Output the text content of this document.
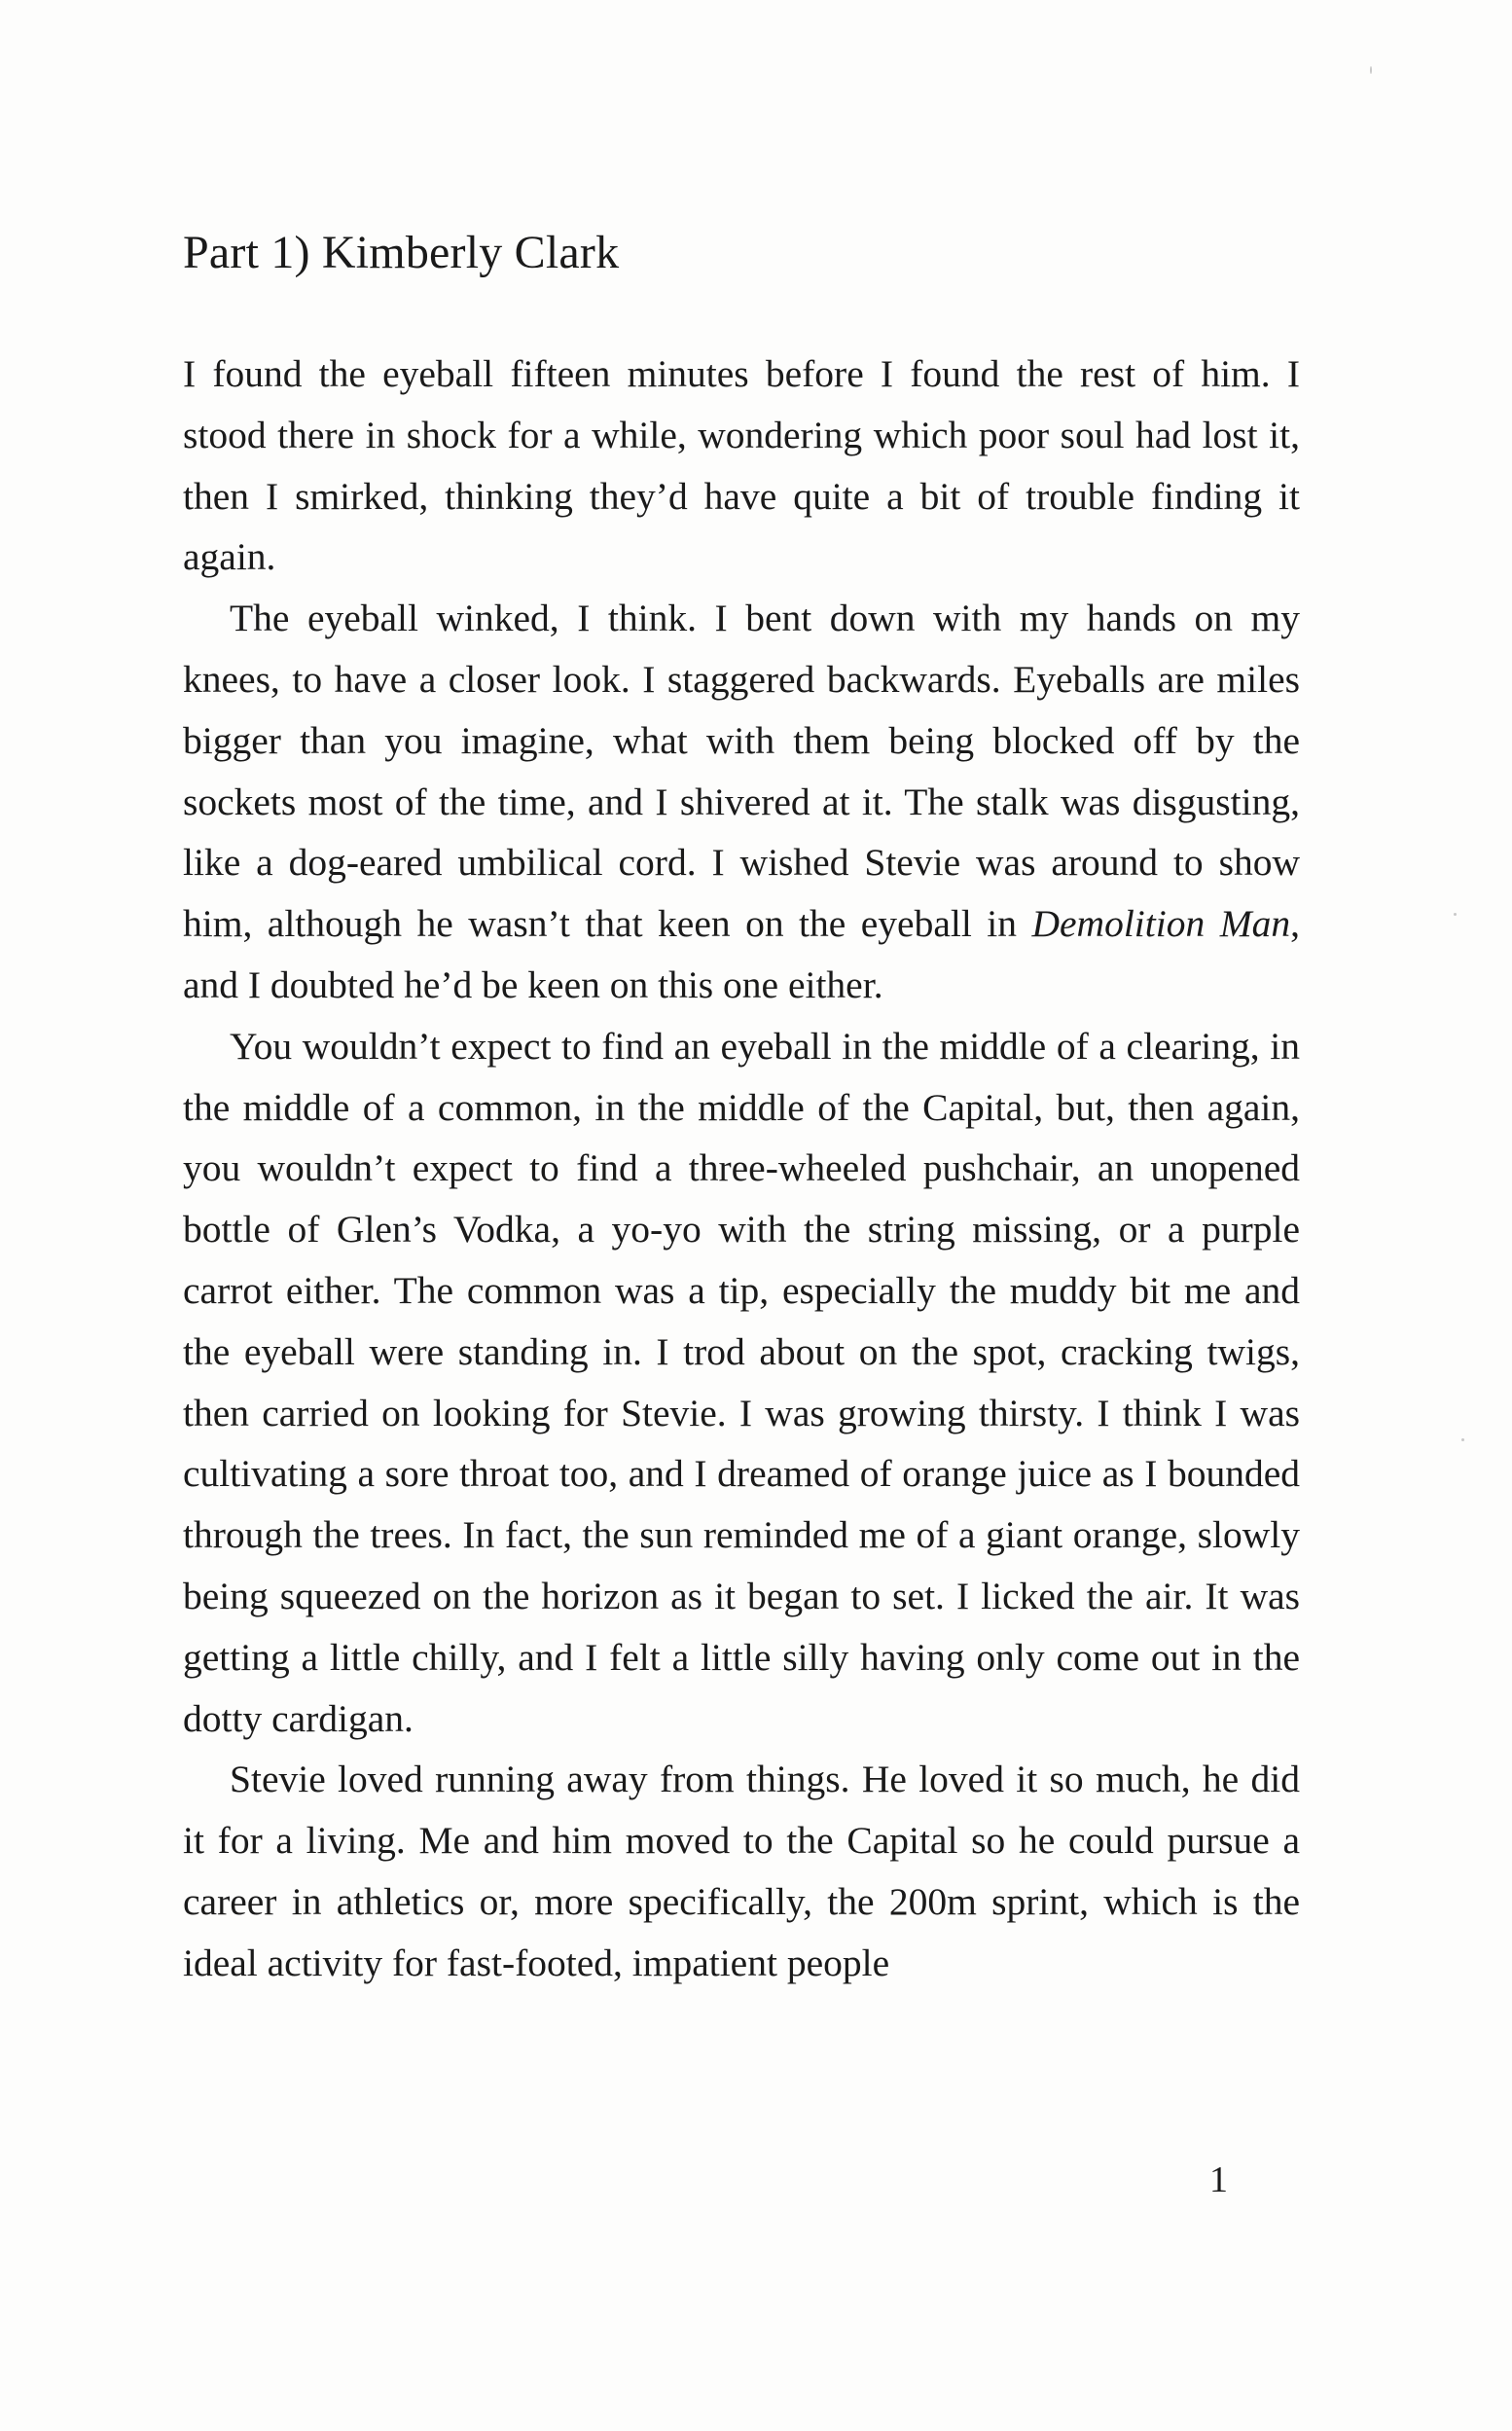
Part 1) Kimberly Clark

I found the eyeball fifteen minutes before I found the rest of him. I stood there in shock for a while, wondering which poor soul had lost it, then I smirked, thinking they’d have quite a bit of trouble finding it again.

The eyeball winked, I think. I bent down with my hands on my knees, to have a closer look. I staggered backwards. Eyeballs are miles bigger than you imagine, what with them being blocked off by the sockets most of the time, and I shivered at it. The stalk was disgusting, like a dog-eared umbilical cord. I wished Stevie was around to show him, although he wasn’t that keen on the eyeball in Demolition Man, and I doubted he’d be keen on this one either.

You wouldn’t expect to find an eyeball in the middle of a clearing, in the middle of a common, in the middle of the Capital, but, then again, you wouldn’t expect to find a three-wheeled pushchair, an unopened bottle of Glen’s Vodka, a yo-yo with the string missing, or a purple carrot either. The common was a tip, especially the muddy bit me and the eyeball were standing in. I trod about on the spot, cracking twigs, then carried on looking for Stevie. I was growing thirsty. I think I was cultivating a sore throat too, and I dreamed of orange juice as I bounded through the trees. In fact, the sun reminded me of a giant orange, slowly being squeezed on the horizon as it began to set. I licked the air. It was getting a little chilly, and I felt a little silly having only come out in the dotty cardigan.

Stevie loved running away from things. He loved it so much, he did it for a living. Me and him moved to the Capital so he could pursue a career in athletics or, more specifically, the 200m sprint, which is the ideal activity for fast-footed, impatient people

1
